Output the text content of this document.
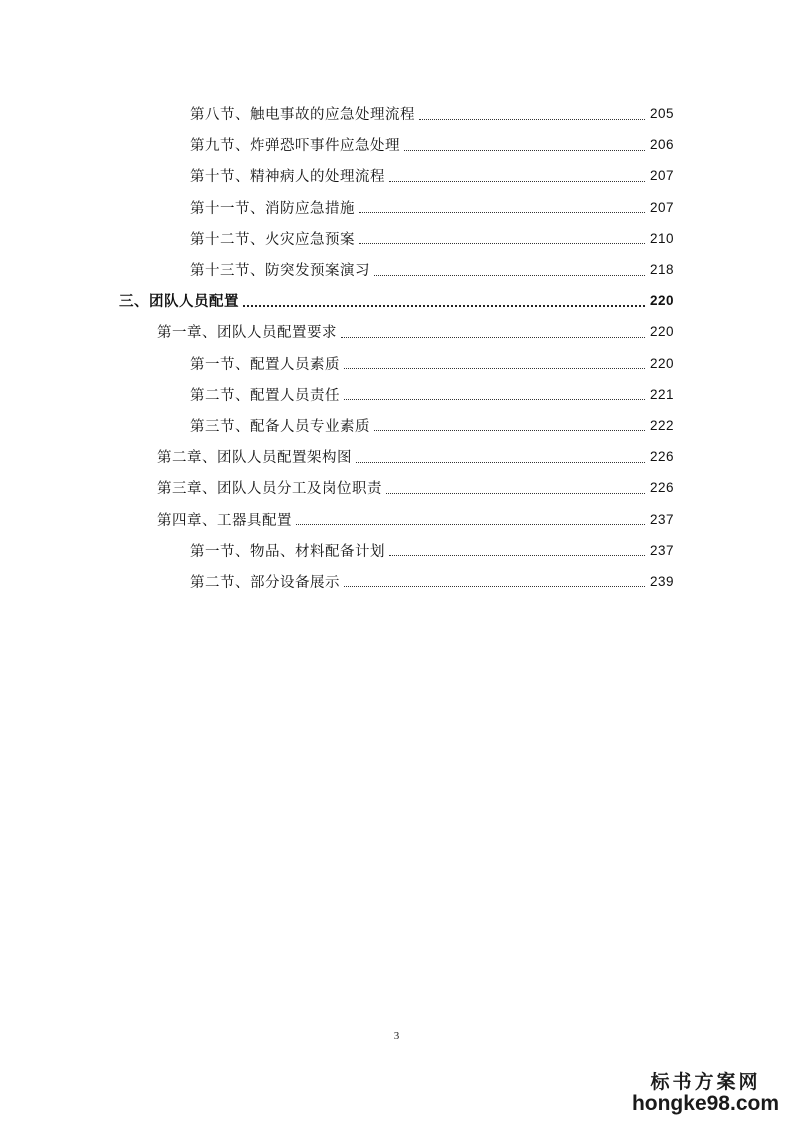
第八节、触电事故的应急处理流程	205
第九节、炸弹恐吓事件应急处理	206
第十节、精神病人的处理流程	207
第十一节、消防应急措施	207
第十二节、火灾应急预案	210
第十三节、防突发预案演习	218
三、团队人员配置	220
第一章、团队人员配置要求	220
第一节、配置人员素质	220
第二节、配置人员责任	221
第三节、配备人员专业素质	222
第二章、团队人员配置架构图	226
第三章、团队人员分工及岗位职责	226
第四章、工器具配置	237
第一节、物品、材料配备计划	237
第二节、部分设备展示	239
3
标书方案网
hongke98.com
